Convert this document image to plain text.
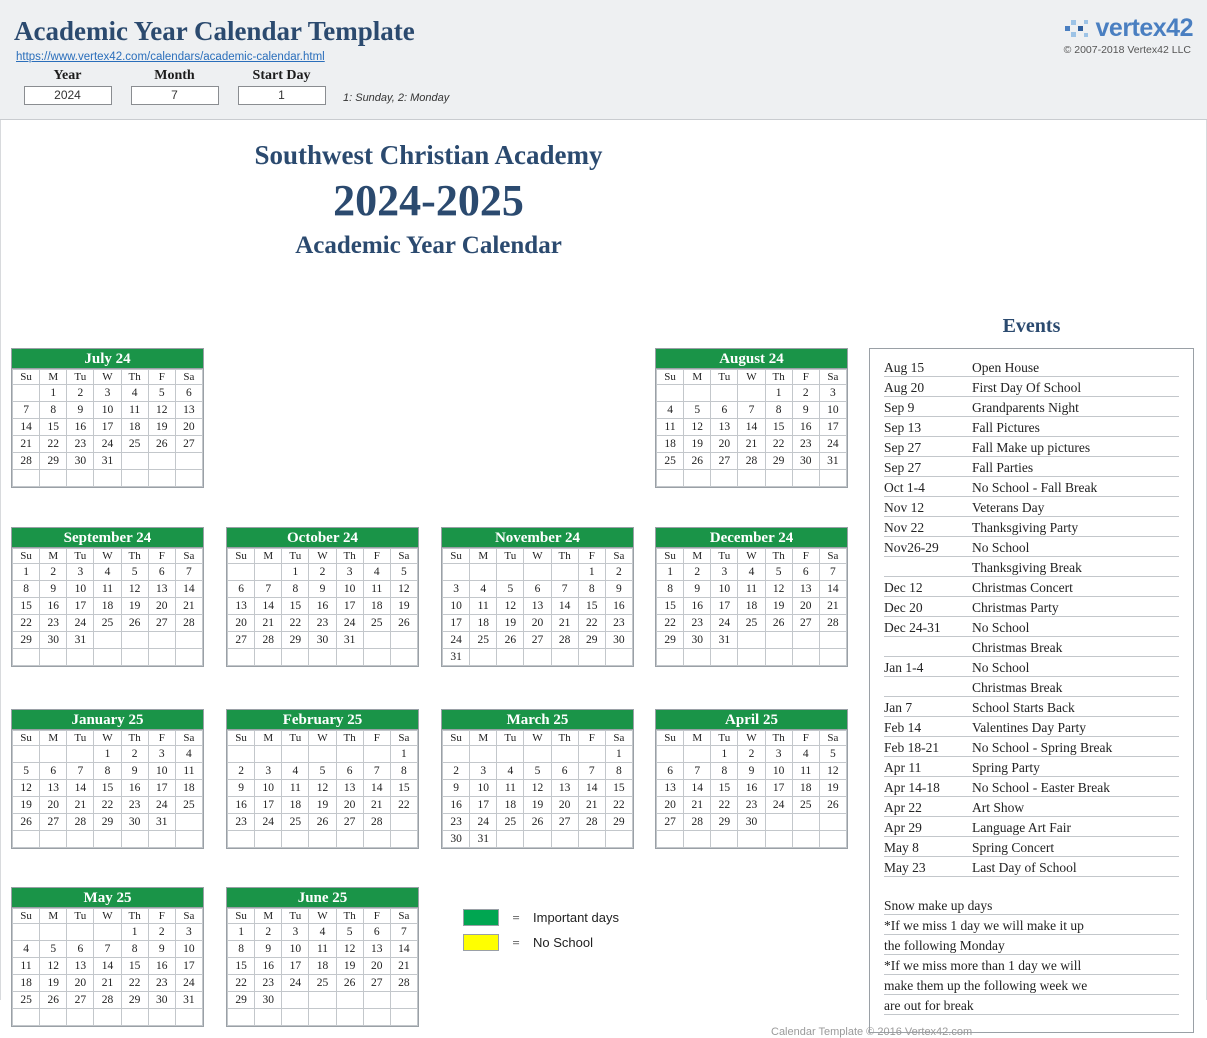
Academic Year Calendar Template
https://www.vertex42.com/calendars/academic-calendar.html
vertex42
© 2007-2018 Vertex42 LLC
Year
2024
Month
7
Start Day
1	1: Sunday, 2: Monday
Southwest Christian Academy
2024-2025
Academic Year Calendar
July 24
Su	M	Tu	W	Th	F	Sa
	1	2	3	4	5	6
7	8	9	10	11	12	13
14	15	16	17	18	19	20
21	22	23	24	25	26	27
28	29	30	31			

August 24
Su	M	Tu	W	Th	F	Sa
				1	2	3
4	5	6	7	8	9	10
11	12	13	14	15	16	17
18	19	20	21	22	23	24
25	26	27	28	29	30	31

September 24
Su	M	Tu	W	Th	F	Sa
1	2	3	4	5	6	7
8	9	10	11	12	13	14
15	16	17	18	19	20	21
22	23	24	25	26	27	28
29	30	31				

October 24
Su	M	Tu	W	Th	F	Sa
		1	2	3	4	5
6	7	8	9	10	11	12
13	14	15	16	17	18	19
20	21	22	23	24	25	26
27	28	29	30	31		

November 24
Su	M	Tu	W	Th	F	Sa
					1	2
3	4	5	6	7	8	9
10	11	12	13	14	15	16
17	18	19	20	21	22	23
24	25	26	27	28	29	30
31						
December 24
Su	M	Tu	W	Th	F	Sa
1	2	3	4	5	6	7
8	9	10	11	12	13	14
15	16	17	18	19	20	21
22	23	24	25	26	27	28
29	30	31				

January 25
Su	M	Tu	W	Th	F	Sa
			1	2	3	4
5	6	7	8	9	10	11
12	13	14	15	16	17	18
19	20	21	22	23	24	25
26	27	28	29	30	31	

February 25
Su	M	Tu	W	Th	F	Sa
						1
2	3	4	5	6	7	8
9	10	11	12	13	14	15
16	17	18	19	20	21	22
23	24	25	26	27	28	

March 25
Su	M	Tu	W	Th	F	Sa
						1
2	3	4	5	6	7	8
9	10	11	12	13	14	15
16	17	18	19	20	21	22
23	24	25	26	27	28	29
30	31					
April 25
Su	M	Tu	W	Th	F	Sa
		1	2	3	4	5
6	7	8	9	10	11	12
13	14	15	16	17	18	19
20	21	22	23	24	25	26
27	28	29	30			

May 25
Su	M	Tu	W	Th	F	Sa
				1	2	3
4	5	6	7	8	9	10
11	12	13	14	15	16	17
18	19	20	21	22	23	24
25	26	27	28	29	30	31

June 25
Su	M	Tu	W	Th	F	Sa
1	2	3	4	5	6	7
8	9	10	11	12	13	14
15	16	17	18	19	20	21
22	23	24	25	26	27	28
29	30					

=	Important days
=	No School
Events
Aug 15	Open House
Aug 20	First Day Of School
Sep 9	Grandparents Night
Sep 13	Fall Pictures
Sep 27	Fall Make up pictures
Sep 27	Fall Parties
Oct 1-4	No School - Fall Break
Nov 12	Veterans Day
Nov 22	Thanksgiving Party
Nov26-29	No School
Thanksgiving Break
Dec 12	Christmas Concert
Dec 20	Christmas Party
Dec 24-31	No School
Christmas Break
Jan 1-4	No School
Christmas Break
Jan 7	School Starts Back
Feb 14	Valentines Day Party
Feb 18-21	No School - Spring Break
Apr 11	Spring Party
Apr 14-18	No School - Easter Break
Apr 22	Art Show
Apr 29	Language Art Fair
May 8	Spring Concert
May 23	Last Day of School
Snow make up days
*If we miss 1 day we will make it up
the following Monday
*If we miss more than 1 day we will
make them up the following week we
are out for break
Calendar Template © 2016 Vertex42.com
